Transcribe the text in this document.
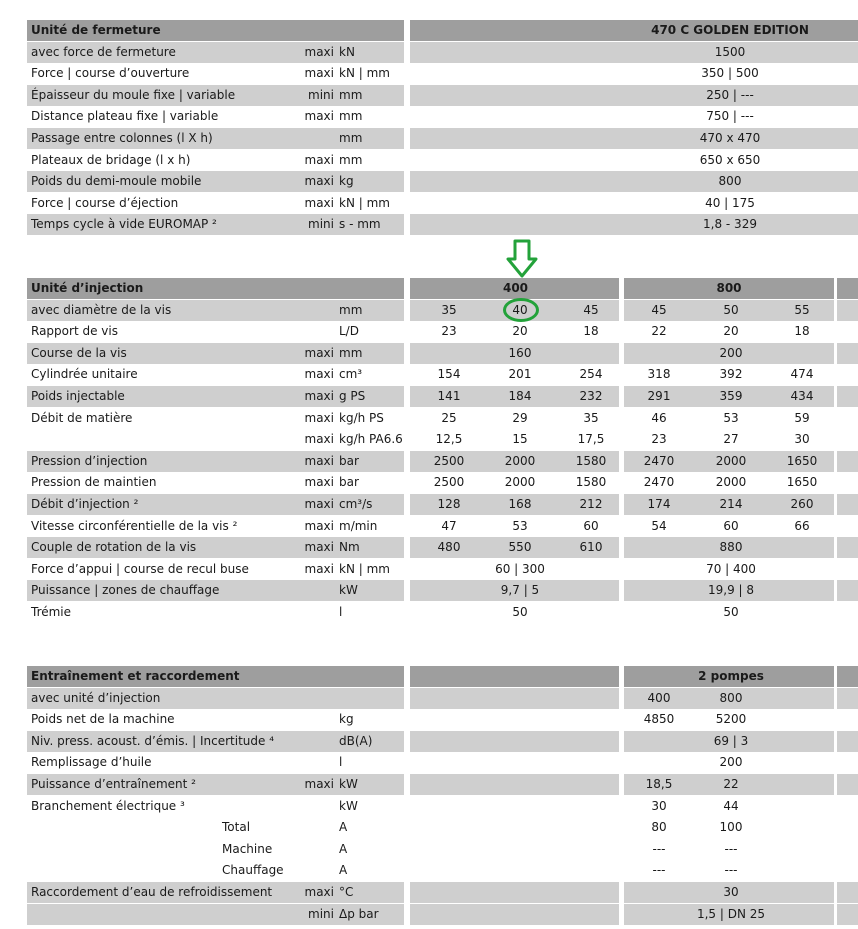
Unité de fermeture	470 C GOLDEN EDITION
avec force de fermeture	maxi kN	1500
Force | course d’ouverture	maxi kN | mm	350 | 500
Épaisseur du moule fixe | variable	mini mm	250 | ---
Distance plateau fixe | variable	maxi mm	750 | ---
Passage entre colonnes (l X h)	mm	470 x 470
Plateaux de bridage (l x h)	maxi mm	650 x 650
Poids du demi-moule mobile	maxi kg	800
Force | course d’éjection	maxi kN | mm	40 | 175
Temps cycle à vide EUROMAP ²	mini s - mm	1,8 - 329
Unité d’injection	400	800
avec diamètre de la vis	mm	35	40	45	45	50	55
Rapport de vis	L/D	23	20	18	22	20	18
Course de la vis	maxi mm	160	200
Cylindrée unitaire	maxi cm³	154	201	254	318	392	474
Poids injectable	maxi g PS	141	184	232	291	359	434
Débit de matière	maxi kg/h PS	25	29	35	46	53	59
maxi kg/h PA6.6	12,5	15	17,5	23	27	30
Pression d’injection	maxi bar	2500	2000	1580	2470	2000	1650
Pression de maintien	maxi bar	2500	2000	1580	2470	2000	1650
Débit d’injection ²	maxi cm³/s	128	168	212	174	214	260
Vitesse circonférentielle de la vis ²	maxi m/min	47	53	60	54	60	66
Couple de rotation de la vis	maxi Nm	480	550	610	880
Force d’appui | course de recul buse	maxi kN | mm	60 | 300	70 | 400
Puissance | zones de chauffage	kW	9,7 | 5	19,9 | 8
Trémie	l	50	50
Entraînement et raccordement	2 pompes
avec unité d’injection	400	800
Poids net de la machine	kg	4850	5200
Niv. press. acoust. d’émis. | Incertitude ⁴	dB(A)	69 | 3
Remplissage d’huile	l	200
Puissance d’entraînement ²	maxi kW	18,5	22
Branchement électrique ³	kW	30	44
Total	A	80	100
Machine	A	---	---
Chauffage	A	---	---
Raccordement d’eau de refroidissement	maxi °C	30
mini Δp bar	1,5 | DN 25
